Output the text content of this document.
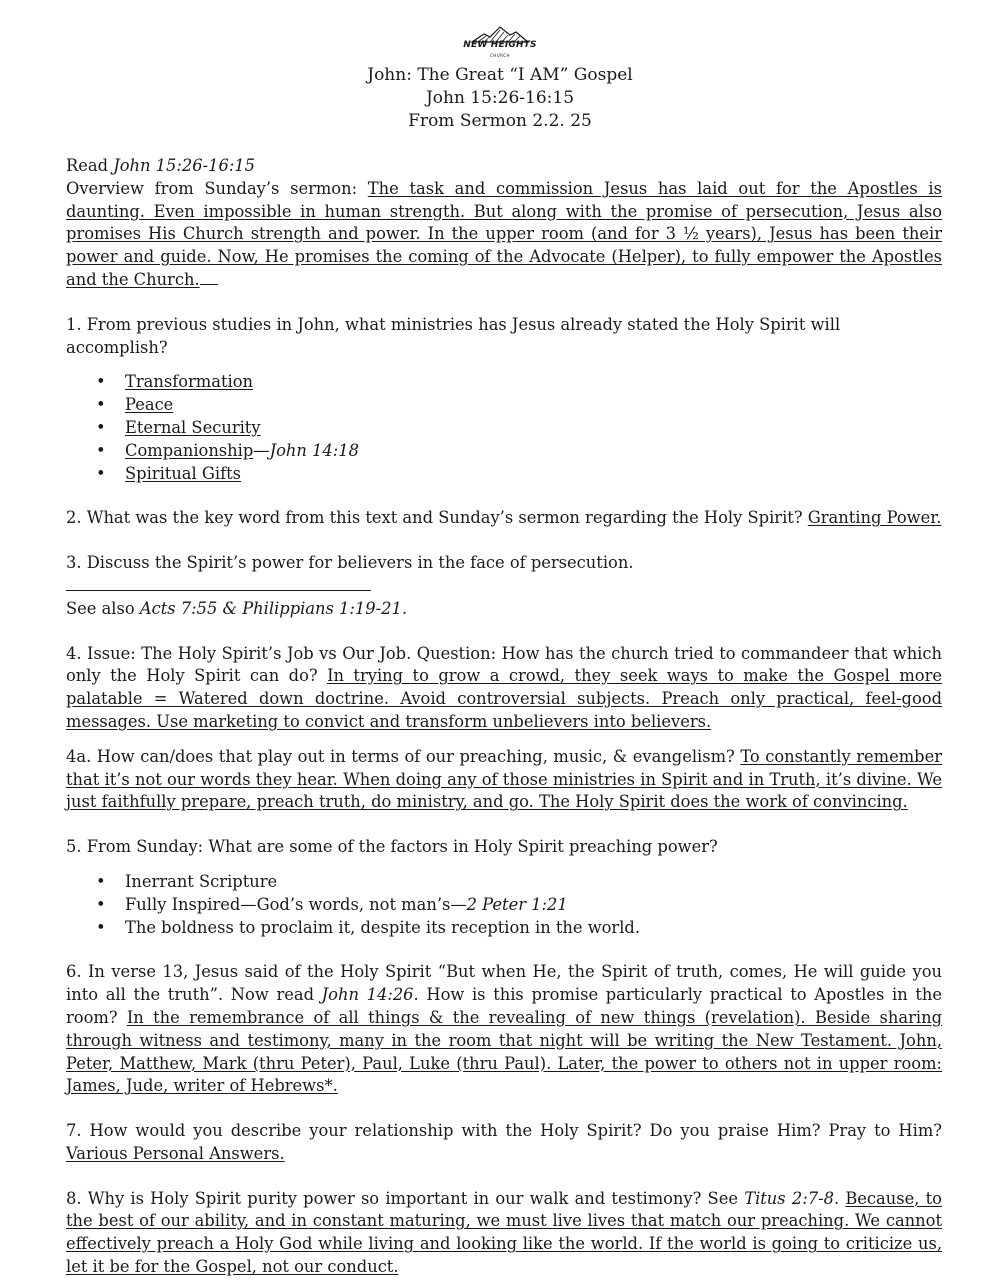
NEW HEIGHTS
CHURCH
John: The Great “I AM” Gospel
John 15:26-16:15
From Sermon 2.2. 25

Read John 15:26-16:15

Overview from Sunday’s sermon: The task and commission Jesus has laid out for the Apostles is daunting. Even impossible in human strength. But along with the promise of persecution, Jesus also promises His Church strength and power. In the upper room (and for 3 ½ years), Jesus has been their power and guide. Now, He promises the coming of the Advocate (Helper), to fully empower the Apostles and the Church.

1. From previous studies in John, what ministries has Jesus already stated the Holy Spirit will accomplish?

• Transformation
• Peace
• Eternal Security
• Companionship—John 14:18
• Spiritual Gifts

2. What was the key word from this text and Sunday’s sermon regarding the Holy Spirit? Granting Power.

3. Discuss the Spirit’s power for believers in the face of persecution.
See also Acts 7:55 & Philippians 1:19-21.

4. Issue: The Holy Spirit’s Job vs Our Job. Question: How has the church tried to commandeer that which only the Holy Spirit can do? In trying to grow a crowd, they seek ways to make the Gospel more palatable = Watered down doctrine. Avoid controversial subjects. Preach only practical, feel-good messages. Use marketing to convict and transform unbelievers into believers.

4a. How can/does that play out in terms of our preaching, music, & evangelism? To constantly remember that it’s not our words they hear. When doing any of those ministries in Spirit and in Truth, it’s divine. We just faithfully prepare, preach truth, do ministry, and go. The Holy Spirit does the work of convincing.

5. From Sunday: What are some of the factors in Holy Spirit preaching power?

• Inerrant Scripture
• Fully Inspired—God’s words, not man’s—2 Peter 1:21
• The boldness to proclaim it, despite its reception in the world.

6. In verse 13, Jesus said of the Holy Spirit “But when He, the Spirit of truth, comes, He will guide you into all the truth”. Now read John 14:26. How is this promise particularly practical to Apostles in the room? In the remembrance of all things & the revealing of new things (revelation). Beside sharing through witness and testimony, many in the room that night will be writing the New Testament. John, Peter, Matthew, Mark (thru Peter), Paul, Luke (thru Paul). Later, the power to others not in upper room: James, Jude, writer of Hebrews*.

7. How would you describe your relationship with the Holy Spirit? Do you praise Him? Pray to Him? Various Personal Answers.

8. Why is Holy Spirit purity power so important in our walk and testimony? See Titus 2:7-8. Because, to the best of our ability, and in constant maturing, we must live lives that match our preaching. We cannot effectively preach a Holy God while living and looking like the world. If the world is going to criticize us, let it be for the Gospel, not our conduct.
